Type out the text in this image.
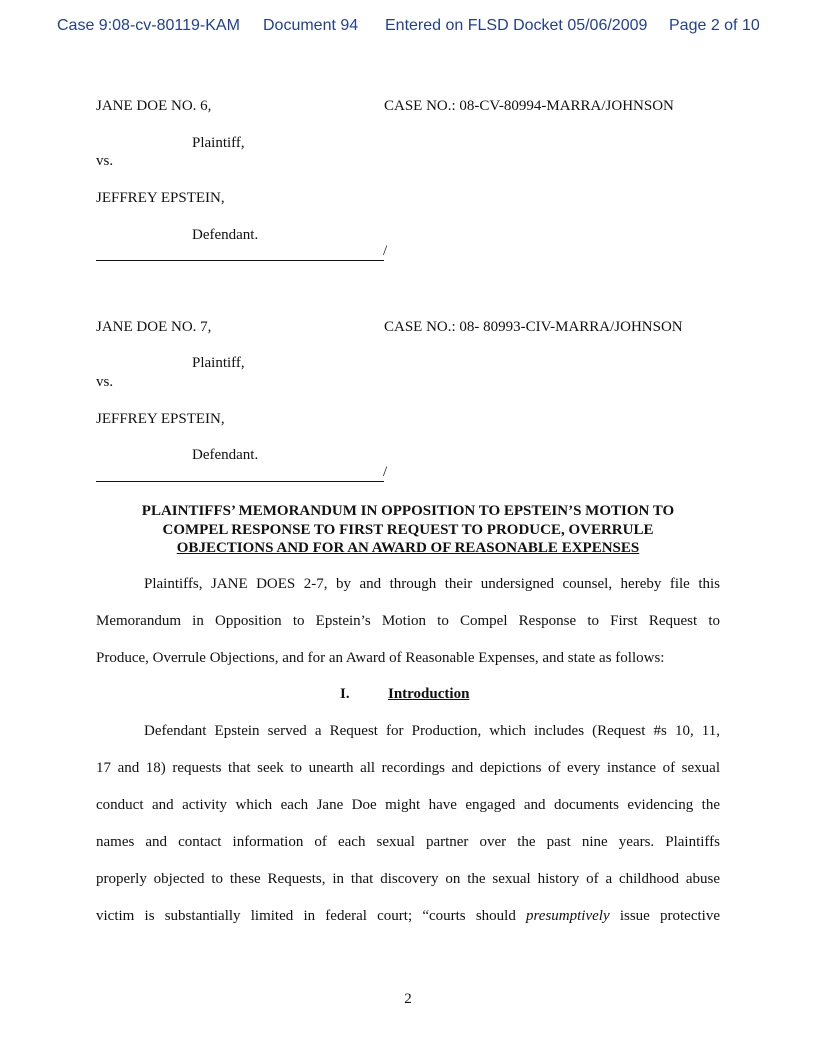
Case 9:08-cv-80119-KAM Document 94 Entered on FLSD Docket 05/06/2009 Page 2 of 10
JANE DOE NO. 6,	CASE NO.: 08-CV-80994-MARRA/JOHNSON
Plaintiff,
vs.
JEFFREY EPSTEIN,
Defendant.
/
JANE DOE NO. 7,	CASE NO.: 08- 80993-CIV-MARRA/JOHNSON
Plaintiff,
vs.
JEFFREY EPSTEIN,
Defendant.
/
PLAINTIFFS’ MEMORANDUM IN OPPOSITION TO EPSTEIN’S MOTION TO
COMPEL RESPONSE TO FIRST REQUEST TO PRODUCE, OVERRULE
OBJECTIONS AND FOR AN AWARD OF REASONABLE EXPENSES
Plaintiffs, JANE DOES 2-7, by and through their undersigned counsel, hereby file this
Memorandum in Opposition to Epstein’s Motion to Compel Response to First Request to
Produce, Overrule Objections, and for an Award of Reasonable Expenses, and state as follows:
I.	Introduction
Defendant Epstein served a Request for Production, which includes (Request #s 10, 11,
17 and 18) requests that seek to unearth all recordings and depictions of every instance of sexual
conduct and activity which each Jane Doe might have engaged and documents evidencing the
names and contact information of each sexual partner over the past nine years. Plaintiffs
properly objected to these Requests, in that discovery on the sexual history of a childhood abuse
victim is substantially limited in federal court; “courts should presumptively issue protective
2
